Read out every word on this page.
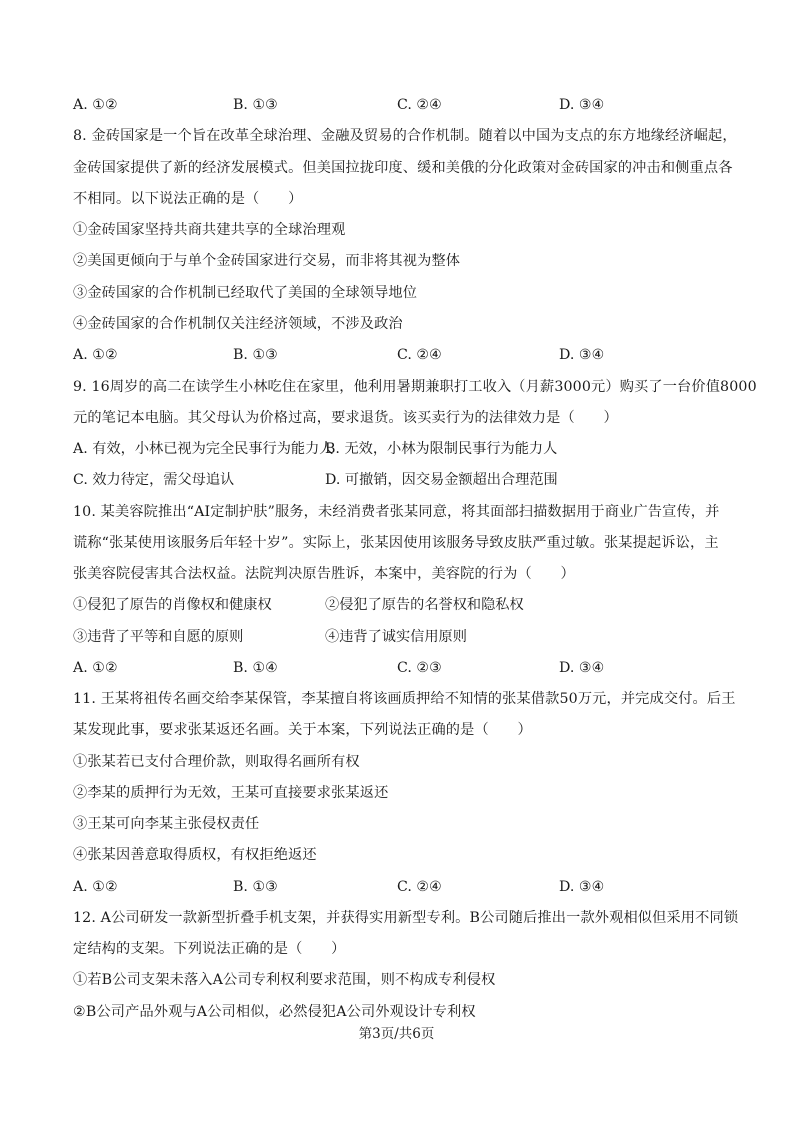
A. ①②	B. ①③	C. ②④	D. ③④
8. 金砖国家是一个旨在改革全球治理、金融及贸易的合作机制。随着以中国为支点的东方地缘经济崛起，
金砖国家提供了新的经济发展模式。但美国拉拢印度、缓和美俄的分化政策对金砖国家的冲击和侧重点各
不相同。以下说法正确的是（　　）
①金砖国家坚持共商共建共享的全球治理观
②美国更倾向于与单个金砖国家进行交易，而非将其视为整体
③金砖国家的合作机制已经取代了美国的全球领导地位
④金砖国家的合作机制仅关注经济领域，不涉及政治
A. ①②	B. ①③	C. ②④	D. ③④
9. 16周岁的高二在读学生小林吃住在家里，他利用暑期兼职打工收入（月薪3000元）购买了一台价值8000
元的笔记本电脑。其父母认为价格过高，要求退货。该买卖行为的法律效力是（　　）
A. 有效，小林已视为完全民事行为能力人
B. 无效，小林为限制民事行为能力人
C. 效力待定，需父母追认	D. 可撤销，因交易金额超出合理范围
10. 某美容院推出“AI定制护肤”服务，未经消费者张某同意，将其面部扫描数据用于商业广告宣传，并
谎称“张某使用该服务后年轻十岁”。实际上，张某因使用该服务导致皮肤严重过敏。张某提起诉讼，主
张美容院侵害其合法权益。法院判决原告胜诉，本案中，美容院的行为（　　）
①侵犯了原告的肖像权和健康权	②侵犯了原告的名誉权和隐私权
③违背了平等和自愿的原则	④违背了诚实信用原则
A. ①②	B. ①④	C. ②③	D. ③④
11. 王某将祖传名画交给李某保管，李某擅自将该画质押给不知情的张某借款50万元，并完成交付。后王
某发现此事，要求张某返还名画。关于本案，下列说法正确的是（　　）
①张某若已支付合理价款，则取得名画所有权
②李某的质押行为无效，王某可直接要求张某返还
③王某可向李某主张侵权责任
④张某因善意取得质权，有权拒绝返还
A. ①②	B. ①③	C. ②④	D. ③④
12. A公司研发一款新型折叠手机支架，并获得实用新型专利。B公司随后推出一款外观相似但采用不同锁
定结构的支架。下列说法正确的是（　　）
①若B公司支架未落入A公司专利权利要求范围，则不构成专利侵权
②B公司产品外观与A公司相似，必然侵犯A公司外观设计专利权
第3页/共6页
